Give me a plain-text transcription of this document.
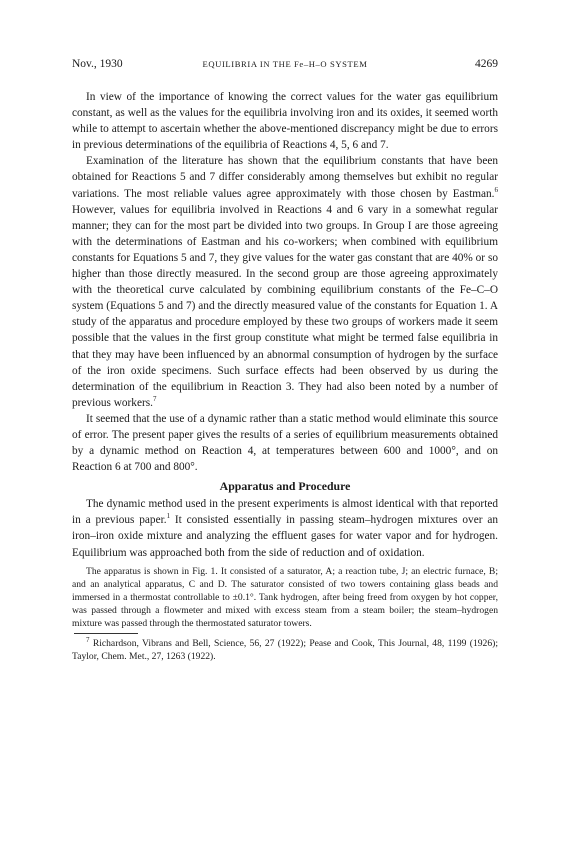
Nov., 1930	EQUILIBRIA IN THE Fe–H–O SYSTEM	4269

In view of the importance of knowing the correct values for the water gas equilibrium constant, as well as the values for the equilibria involving iron and its oxides, it seemed worth while to attempt to ascertain whether the above-mentioned discrepancy might be due to errors in previous determinations of the equilibria of Reactions 4, 5, 6 and 7.

Examination of the literature has shown that the equilibrium constants that have been obtained for Reactions 5 and 7 differ considerably among themselves but exhibit no regular variations. The most reliable values agree approximately with those chosen by Eastman.$^6$ However, values for equilibria involved in Reactions 4 and 6 vary in a somewhat regular manner; they can for the most part be divided into two groups. In Group I are those agreeing with the determinations of Eastman and his co-workers; when combined with equilibrium constants for Equations 5 and 7, they give values for the water gas constant that are 40% or so higher than those directly measured. In the second group are those agreeing approximately with the theoretical curve calculated by combining equilibrium constants of the Fe–C–O system (Equations 5 and 7) and the directly measured value of the constants for Equation 1. A study of the apparatus and procedure employed by these two groups of workers made it seem possible that the values in the first group constitute what might be termed false equilibria in that they may have been influenced by an abnormal consumption of hydrogen by the surface of the iron oxide specimens. Such surface effects had been observed by us during the determination of the equilibrium in Reaction 3. They had also been noted by a number of previous workers.$^7$

It seemed that the use of a dynamic rather than a static method would eliminate this source of error. The present paper gives the results of a series of equilibrium measurements obtained by a dynamic method on Reaction 4, at temperatures between 600 and 1000°, and on Reaction 6 at 700 and 800°.

Apparatus and Procedure

The dynamic method used in the present experiments is almost identical with that reported in a previous paper.$^1$ It consisted essentially in passing steam–hydrogen mixtures over an iron–iron oxide mixture and analyzing the effluent gases for water vapor and for hydrogen. Equilibrium was approached both from the side of reduction and of oxidation.

The apparatus is shown in Fig. 1. It consisted of a saturator, A; a reaction tube, J; an electric furnace, B; and an analytical apparatus, C and D. The saturator consisted of two towers containing glass beads and immersed in a thermostat controllable to ±0.1°. Tank hydrogen, after being freed from oxygen by hot copper, was passed through a flowmeter and mixed with excess steam from a steam boiler; the steam–hydrogen mixture was passed through the thermostated saturator towers.

$^7$ Richardson, Vibrans and Bell, Science, 56, 27 (1922); Pease and Cook, This Journal, 48, 1199 (1926); Taylor, Chem. Met., 27, 1263 (1922).
